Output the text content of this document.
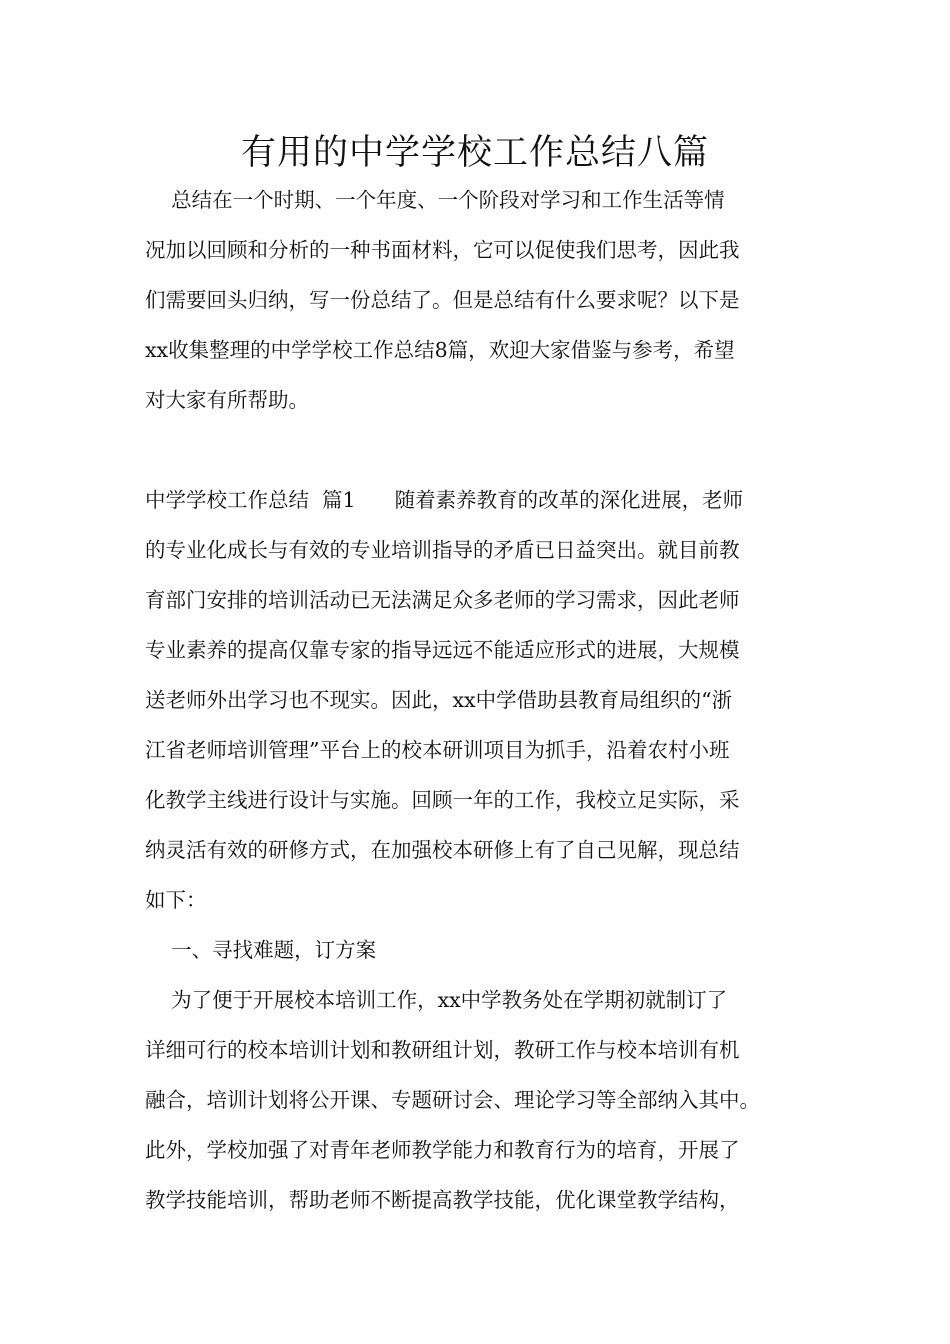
有用的中学学校工作总结八篇

总结在一个时期、一个年度、一个阶段对学习和工作生活等情

况加以回顾和分析的一种书面材料，它可以促使我们思考，因此我

们需要回头归纳，写一份总结了。但是总结有什么要求呢？以下是

xx收集整理的中学学校工作总结8篇，欢迎大家借鉴与参考，希望

对大家有所帮助。

中学学校工作总结  篇1      随着素养教育的改革的深化进展，老师

的专业化成长与有效的专业培训指导的矛盾已日益突出。就目前教

育部门安排的培训活动已无法满足众多老师的学习需求，因此老师

专业素养的提高仅靠专家的指导远远不能适应形式的进展，大规模

送老师外出学习也不现实。因此，xx中学借助县教育局组织的“浙

江省老师培训管理”平台上的校本研训项目为抓手，沿着农村小班

化教学主线进行设计与实施。回顾一年的工作，我校立足实际，采

纳灵活有效的研修方式，在加强校本研修上有了自己见解，现总结

如下：

一、寻找难题，订方案

为了便于开展校本培训工作，xx中学教务处在学期初就制订了

详细可行的校本培训计划和教研组计划，教研工作与校本培训有机

融合，培训计划将公开课、专题研讨会、理论学习等全部纳入其中。

此外，学校加强了对青年老师教学能力和教育行为的培育，开展了

教学技能培训，帮助老师不断提高教学技能，优化课堂教学结构，
